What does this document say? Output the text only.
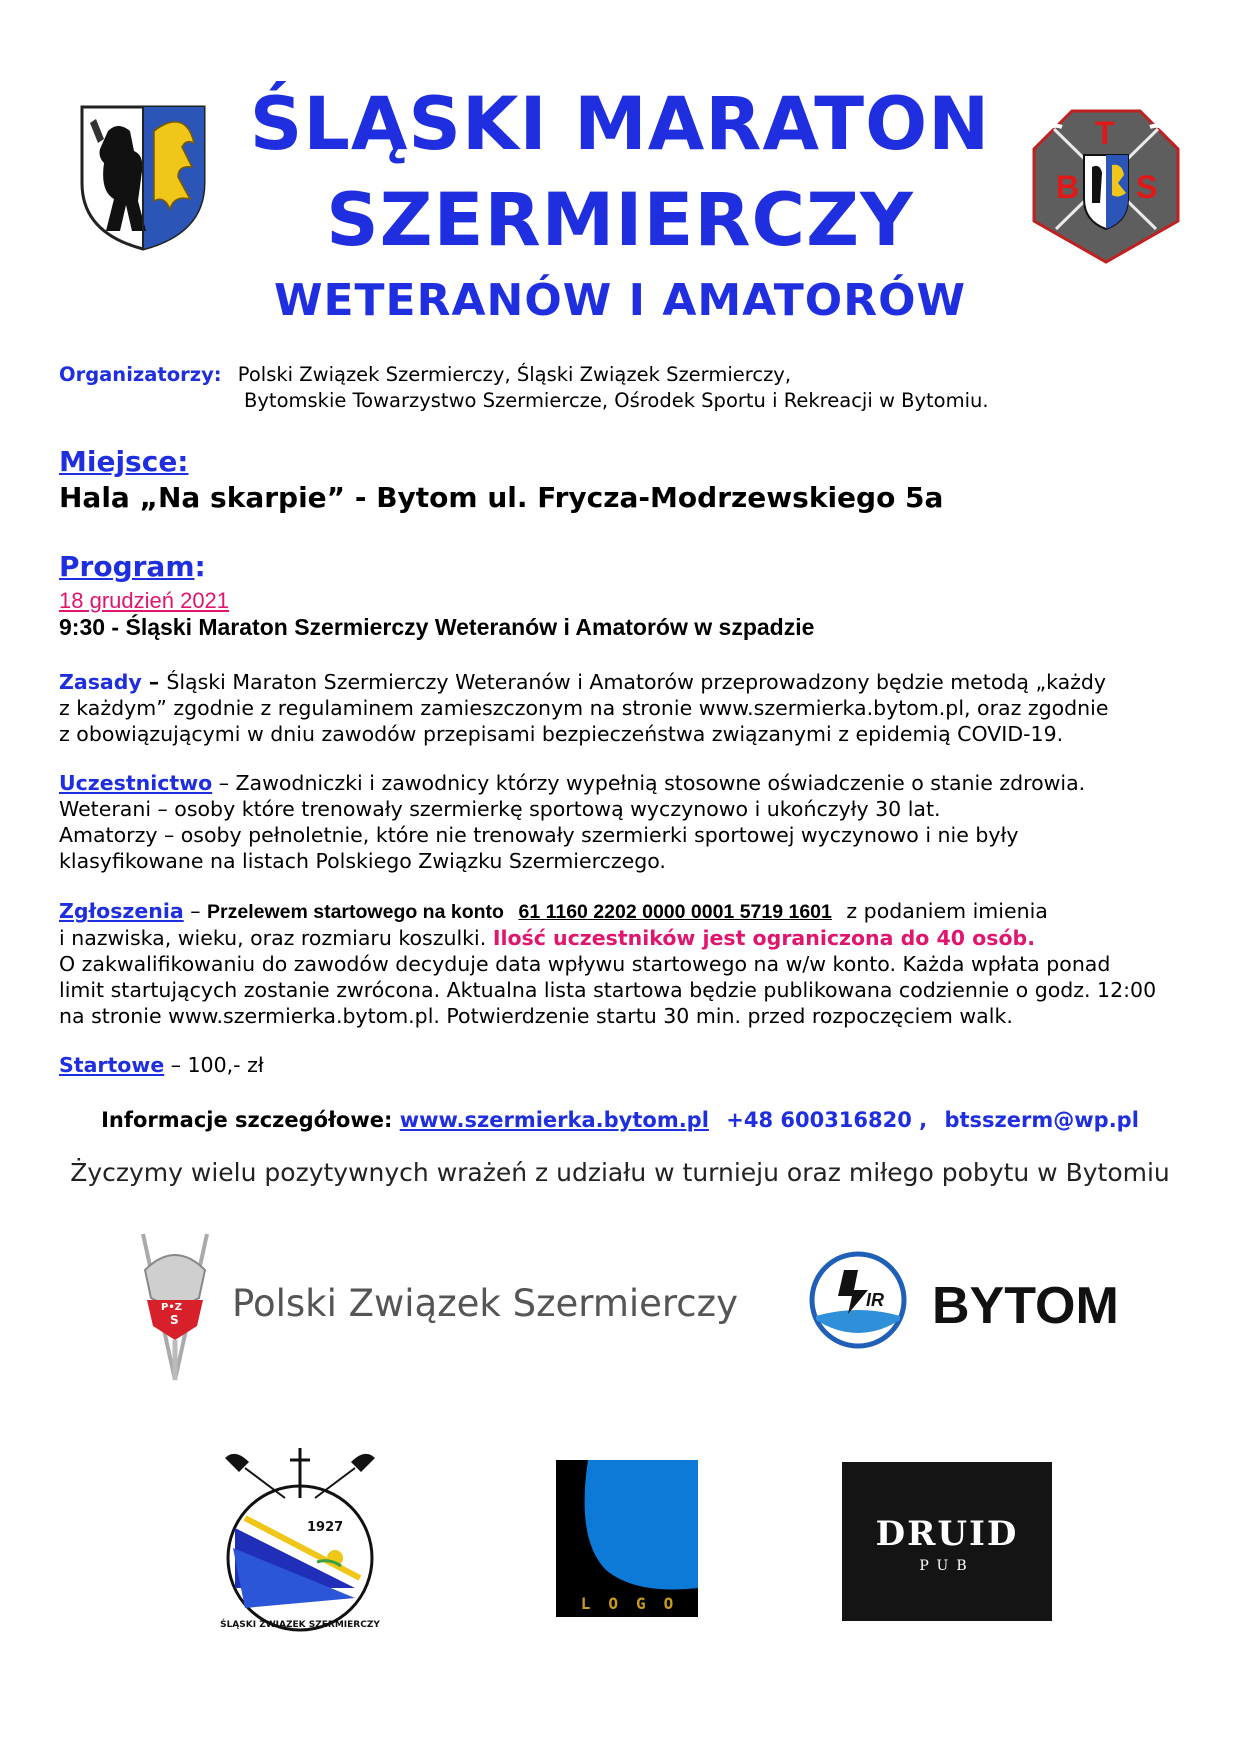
T
B S
ŚLĄSKI MARATON
SZERMIERCZY
WETERANÓW I AMATORÓW
Organizatorzy: Polski Związek Szermierczy, Śląski Związek Szermierczy,
Bytomskie Towarzystwo Szermiercze, Ośrodek Sportu i Rekreacji w Bytomiu.
Miejsce:
Hala „Na skarpie” - Bytom ul. Frycza-Modrzewskiego 5a
Program:
18 grudzień 2021
9:30 - Śląski Maraton Szermierczy Weteranów i Amatorów w szpadzie
Zasady – Śląski Maraton Szermierczy Weteranów i Amatorów przeprowadzony będzie metodą „każdy
z każdym” zgodnie z regulaminem zamieszczonym na stronie www.szermierka.bytom.pl, oraz zgodnie
z obowiązującymi w dniu zawodów przepisami bezpieczeństwa związanymi z epidemią COVID-19.
Uczestnictwo – Zawodniczki i zawodnicy którzy wypełnią stosowne oświadczenie o stanie zdrowia.
Weterani – osoby które trenowały szermierkę sportową wyczynowo i ukończyły 30 lat.
Amatorzy – osoby pełnoletnie, które nie trenowały szermierki sportowej wyczynowo i nie były
klasyfikowane na listach Polskiego Związku Szermierczego.
Zgłoszenia – Przelewem startowego na konto 61 1160 2202 0000 0001 5719 1601 z podaniem imienia
i nazwiska, wieku, oraz rozmiaru koszulki. Ilość uczestników jest ograniczona do 40 osób.
O zakwalifikowaniu do zawodów decyduje data wpływu startowego na w/w konto. Każda wpłata ponad
limit startujących zostanie zwrócona. Aktualna lista startowa będzie publikowana codziennie o godz. 12:00
na stronie www.szermierka.bytom.pl. Potwierdzenie startu 30 min. przed rozpoczęciem walk.
Startowe – 100,- zł
Informacje szczegółowe: www.szermierka.bytom.pl +48 600316820 , btsszerm@wp.pl
Życzymy wielu pozytywnych wrażeń z udziału w turnieju oraz miłego pobytu w Bytomiu
P•Z
S Polski Związek Szermierczy	IR BYTOM
1927
ŚLĄSKI ZWIĄZEK SZERMIERCZY
LOGO
DRUID
PUB
